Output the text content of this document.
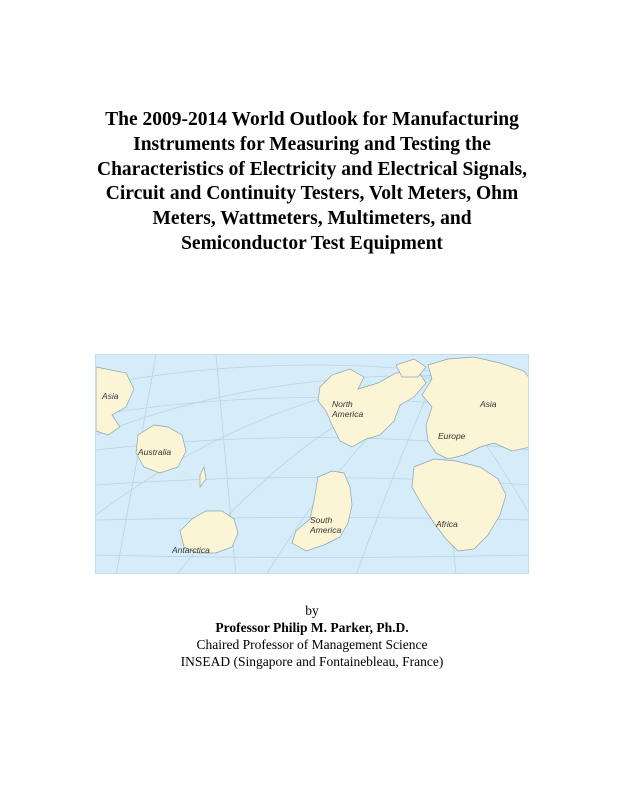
The 2009-2014 World Outlook for Manufacturing
Instruments for Measuring and Testing the
Characteristics of Electricity and Electrical Signals,
Circuit and Continuity Testers, Volt Meters, Ohm
Meters, Wattmeters, Multimeters, and
Semiconductor Test Equipment
Asia
North America
Asia
Australia
Europe
South America
Africa
Antarctica
by
Professor Philip M. Parker, Ph.D.
Chaired Professor of Management Science
INSEAD (Singapore and Fontainebleau, France)
